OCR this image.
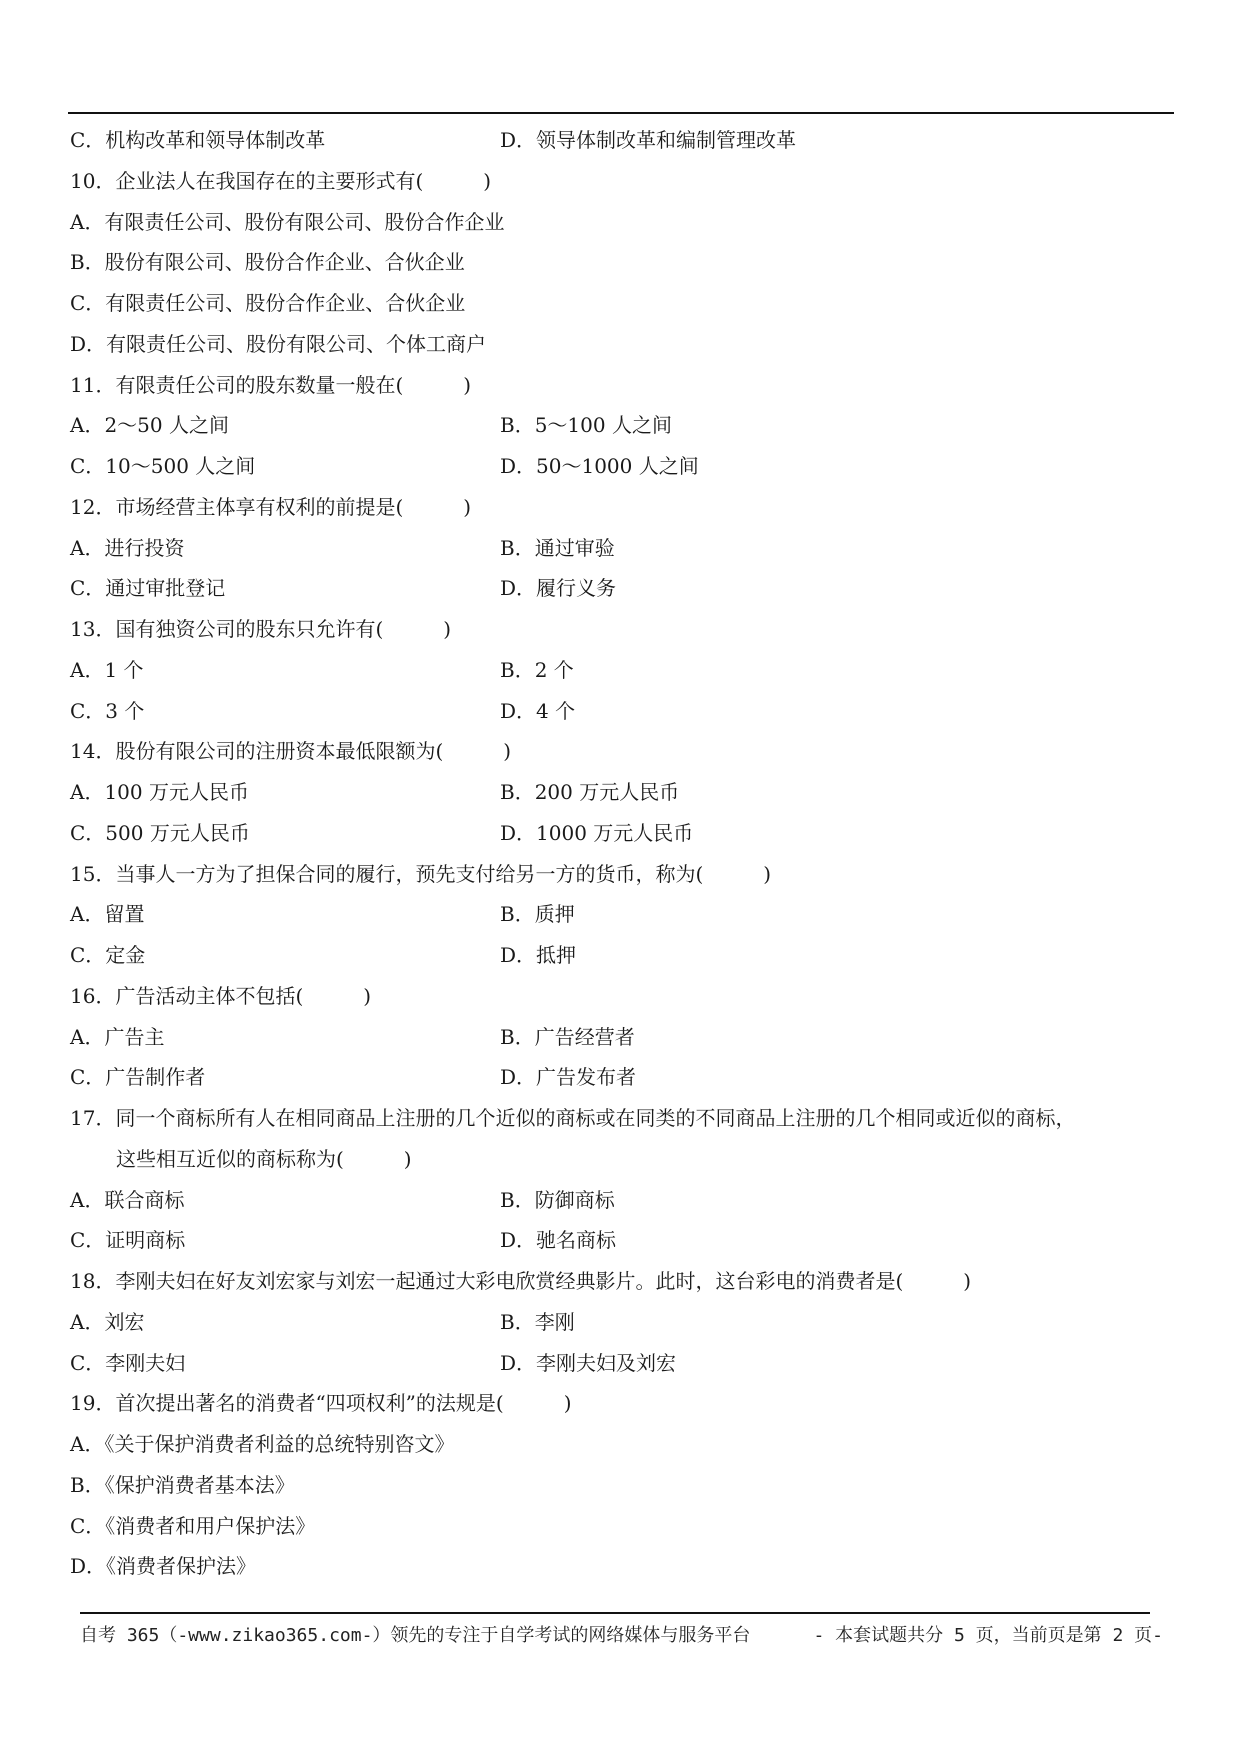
C．机构改革和领导体制改革	D．领导体制改革和编制管理改革
10．企业法人在我国存在的主要形式有(　　　)
A．有限责任公司、股份有限公司、股份合作企业
B．股份有限公司、股份合作企业、合伙企业
C．有限责任公司、股份合作企业、合伙企业
D．有限责任公司、股份有限公司、个体工商户
11．有限责任公司的股东数量一般在(　　　)
A．2～50 人之间	B．5～100 人之间
C．10～500 人之间	D．50～1000 人之间
12．市场经营主体享有权利的前提是(　　　)
A．进行投资	B．通过审验
C．通过审批登记	D．履行义务
13．国有独资公司的股东只允许有(　　　)
A．1 个	B．2 个
C．3 个	D．4 个
14．股份有限公司的注册资本最低限额为(　　　)
A．100 万元人民币	B．200 万元人民币
C．500 万元人民币	D．1000 万元人民币
15．当事人一方为了担保合同的履行，预先支付给另一方的货币，称为(　　　)
A．留置	B．质押
C．定金	D．抵押
16．广告活动主体不包括(　　　)
A．广告主	B．广告经营者
C．广告制作者	D．广告发布者
17．同一个商标所有人在相同商品上注册的几个近似的商标或在同类的不同商品上注册的几个相同或近似的商标，
这些相互近似的商标称为(　　　)
A．联合商标	B．防御商标
C．证明商标	D．驰名商标
18．李刚夫妇在好友刘宏家与刘宏一起通过大彩电欣赏经典影片。此时，这台彩电的消费者是(　　　)
A．刘宏	B．李刚
C．李刚夫妇	D．李刚夫妇及刘宏
19．首次提出著名的消费者“四项权利”的法规是(　　　)
A．《关于保护消费者利益的总统特别咨文》
B．《保护消费者基本法》
C．《消费者和用户保护法》
D．《消费者保护法》
自考 365（-www.zikao365.com-）领先的专注于自学考试的网络媒体与服务平台	- 本套试题共分 5 页，当前页是第 2 页-
